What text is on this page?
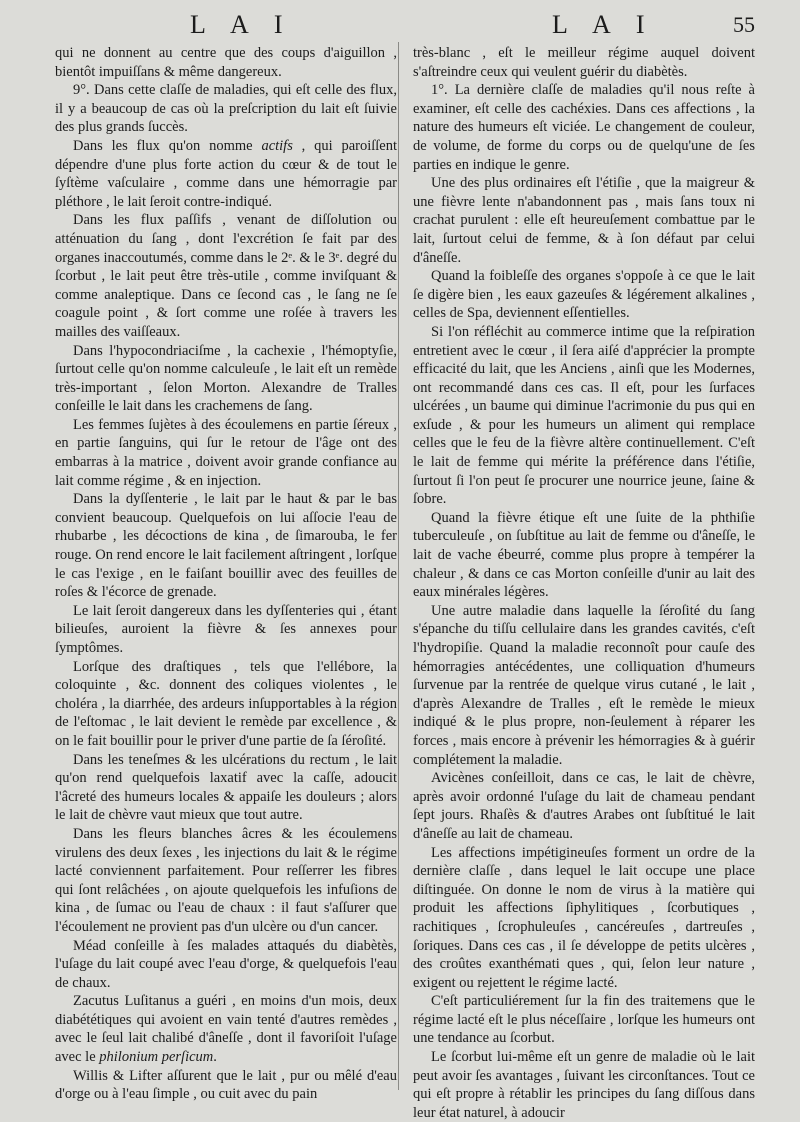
L A I	L A I	55

qui ne donnent au centre que des coups d'aiguillon , bientôt impuiſſans & même dangereux.

9°. Dans cette claſſe de maladies, qui eſt celle des flux, il y a beaucoup de cas où la preſcription du lait eſt ſuivie des plus grands ſuccès.

Dans les flux qu'on nomme actifs , qui paroiſſent dépendre d'une plus forte action du cœur & de tout le ſyſtème vaſculaire , comme dans une hémorragie par pléthore , le lait ſeroit contre-indiqué.

Dans les flux paſſifs , venant de diſſolution ou atténuation du ſang , dont l'excrétion ſe fait par des organes inaccoutumés, comme dans le 2ᵉ. & le 3ᵉ. degré du ſcorbut , le lait peut être très-utile , comme inviſquant & comme analeptique. Dans ce ſecond cas , le ſang ne ſe coagule point , & ſort comme une roſée à travers les mailles des vaiſſeaux.

Dans l'hypocondriaciſme , la cachexie , l'hémoptyſie, ſurtout celle qu'on nomme calculeuſe , le lait eſt un remède très-important , ſelon Morton. Alexandre de Tralles conſeille le lait dans les crachemens de ſang.

Les femmes ſujètes à des écoulemens en partie ſéreux , en partie ſanguins, qui ſur le retour de l'âge ont des embarras à la matrice , doivent avoir grande confiance au lait comme régime , & en injection.

Dans la dyſſenterie , le lait par le haut & par le bas convient beaucoup. Quelquefois on lui aſſocie l'eau de rhubarbe , les décoctions de kina , de ſimarouba, le fer rouge. On rend encore le lait facilement aſtringent , lorſque le cas l'exige , en le faiſant bouillir avec des feuilles de roſes & l'écorce de grenade.

Le lait ſeroit dangereux dans les dyſſenteries qui , étant bilieuſes, auroient la fièvre & ſes annexes pour ſymptômes.

Lorſque des draſtiques , tels que l'ellébore, la coloquinte , &c. donnent des coliques violentes , le choléra , la diarrhée, des ardeurs inſupportables à la région de l'eſtomac , le lait devient le remède par excellence , & on le fait bouillir pour le priver d'une partie de ſa ſéroſité.

Dans les teneſmes & les ulcérations du rectum , le lait qu'on rend quelquefois laxatif avec la caſſe, adoucit l'âcreté des humeurs locales & appaiſe les douleurs ; alors le lait de chèvre vaut mieux que tout autre.

Dans les fleurs blanches âcres & les écoulemens virulens des deux ſexes , les injections du lait & le régime lacté conviennent parfaitement. Pour reſſerrer les fibres qui ſont relâchées , on ajoute quelquefois les infuſions de kina , de ſumac ou l'eau de chaux : il faut s'aſſurer que l'écoulement ne provient pas d'un ulcère ou d'un cancer.

Méad conſeille à ſes malades attaqués du diabètès, l'uſage du lait coupé avec l'eau d'orge, & quelquefois l'eau de chaux.

Zacutus Luſitanus a guéri , en moins d'un mois, deux diabététiques qui avoient en vain tenté d'autres remèdes , avec le ſeul lait chalibé d'âneſſe , dont il favoriſoit l'uſage avec le philonium perſicum.

Willis & Lifter aſſurent que le lait , pur ou mêlé d'eau d'orge ou à l'eau ſimple , ou cuit avec du pain

très-blanc , eſt le meilleur régime auquel doivent s'aſtreindre ceux qui veulent guérir du diabètès.

1°. La dernière claſſe de maladies qu'il nous reſte à examiner, eſt celle des cachéxies. Dans ces affections , la nature des humeurs eſt viciée. Le changement de couleur, de volume, de forme du corps ou de quelqu'une de ſes parties en indique le genre.

Une des plus ordinaires eſt l'étiſie , que la maigreur & une fièvre lente n'abandonnent pas , mais ſans toux ni crachat purulent : elle eſt heureuſement combattue par le lait, ſurtout celui de femme, & à ſon défaut par celui d'âneſſe.

Quand la foibleſſe des organes s'oppoſe à ce que le lait ſe digère bien , les eaux gazeuſes & légérement alkalines , celles de Spa, deviennent eſſentielles.

Si l'on réfléchit au commerce intime que la reſpiration entretient avec le cœur , il ſera aiſé d'apprécier la prompte efficacité du lait, que les Anciens , ainſi que les Modernes, ont recommandé dans ces cas. Il eſt, pour les ſurfaces ulcérées , un baume qui diminue l'acrimonie du pus qui en exſude , & pour les humeurs un aliment qui remplace celles que le feu de la fièvre altère continuellement. C'eſt le lait de femme qui mérite la préférence dans l'étiſie, ſurtout ſi l'on peut ſe procurer une nourrice jeune, ſaine & ſobre.

Quand la fièvre étique eſt une ſuite de la phthiſie tuberculeuſe , on ſubſtitue au lait de femme ou d'âneſſe, le lait de vache ébeurré, comme plus propre à tempérer la chaleur , & dans ce cas Morton conſeille d'unir au lait des eaux minérales légères.

Une autre maladie dans laquelle la ſéroſité du ſang s'épanche du tiſſu cellulaire dans les grandes cavités, c'eſt l'hydropiſie. Quand la maladie reconnoît pour cauſe des hémorragies antécédentes, une colliquation d'humeurs ſurvenue par la rentrée de quelque virus cutané , le lait , d'après Alexandre de Tralles , eſt le remède le mieux indiqué & le plus propre, non-ſeulement à réparer les forces , mais encore à prévenir les hémorragies & à guérir complétement la maladie.

Avicènes conſeilloit, dans ce cas, le lait de chèvre, après avoir ordonné l'uſage du lait de chameau pendant ſept jours. Rhaſès & d'autres Arabes ont ſubſtitué le lait d'âneſſe au lait de chameau.

Les affections impétigineuſes forment un ordre de la dernière claſſe , dans lequel le lait occupe une place diſtinguée. On donne le nom de virus à la matière qui produit les affections ſiphylitiques , ſcorbutiques , rachitiques , ſcrophuleuſes , cancéreuſes , dartreuſes , ſoriques. Dans ces cas , il ſe développe de petits ulcères , des croûtes exanthémati ques , qui, ſelon leur nature , exigent ou rejettent le régime lacté.

C'eſt particuliérement ſur la fin des traitemens que le régime lacté eſt le plus néceſſaire , lorſque les humeurs ont une tendance au ſcorbut.

Le ſcorbut lui-même eſt un genre de maladie où le lait peut avoir ſes avantages , ſuivant les circonſtances. Tout ce qui eſt propre à rétablir les principes du ſang diſſous dans leur état naturel, à adoucir
